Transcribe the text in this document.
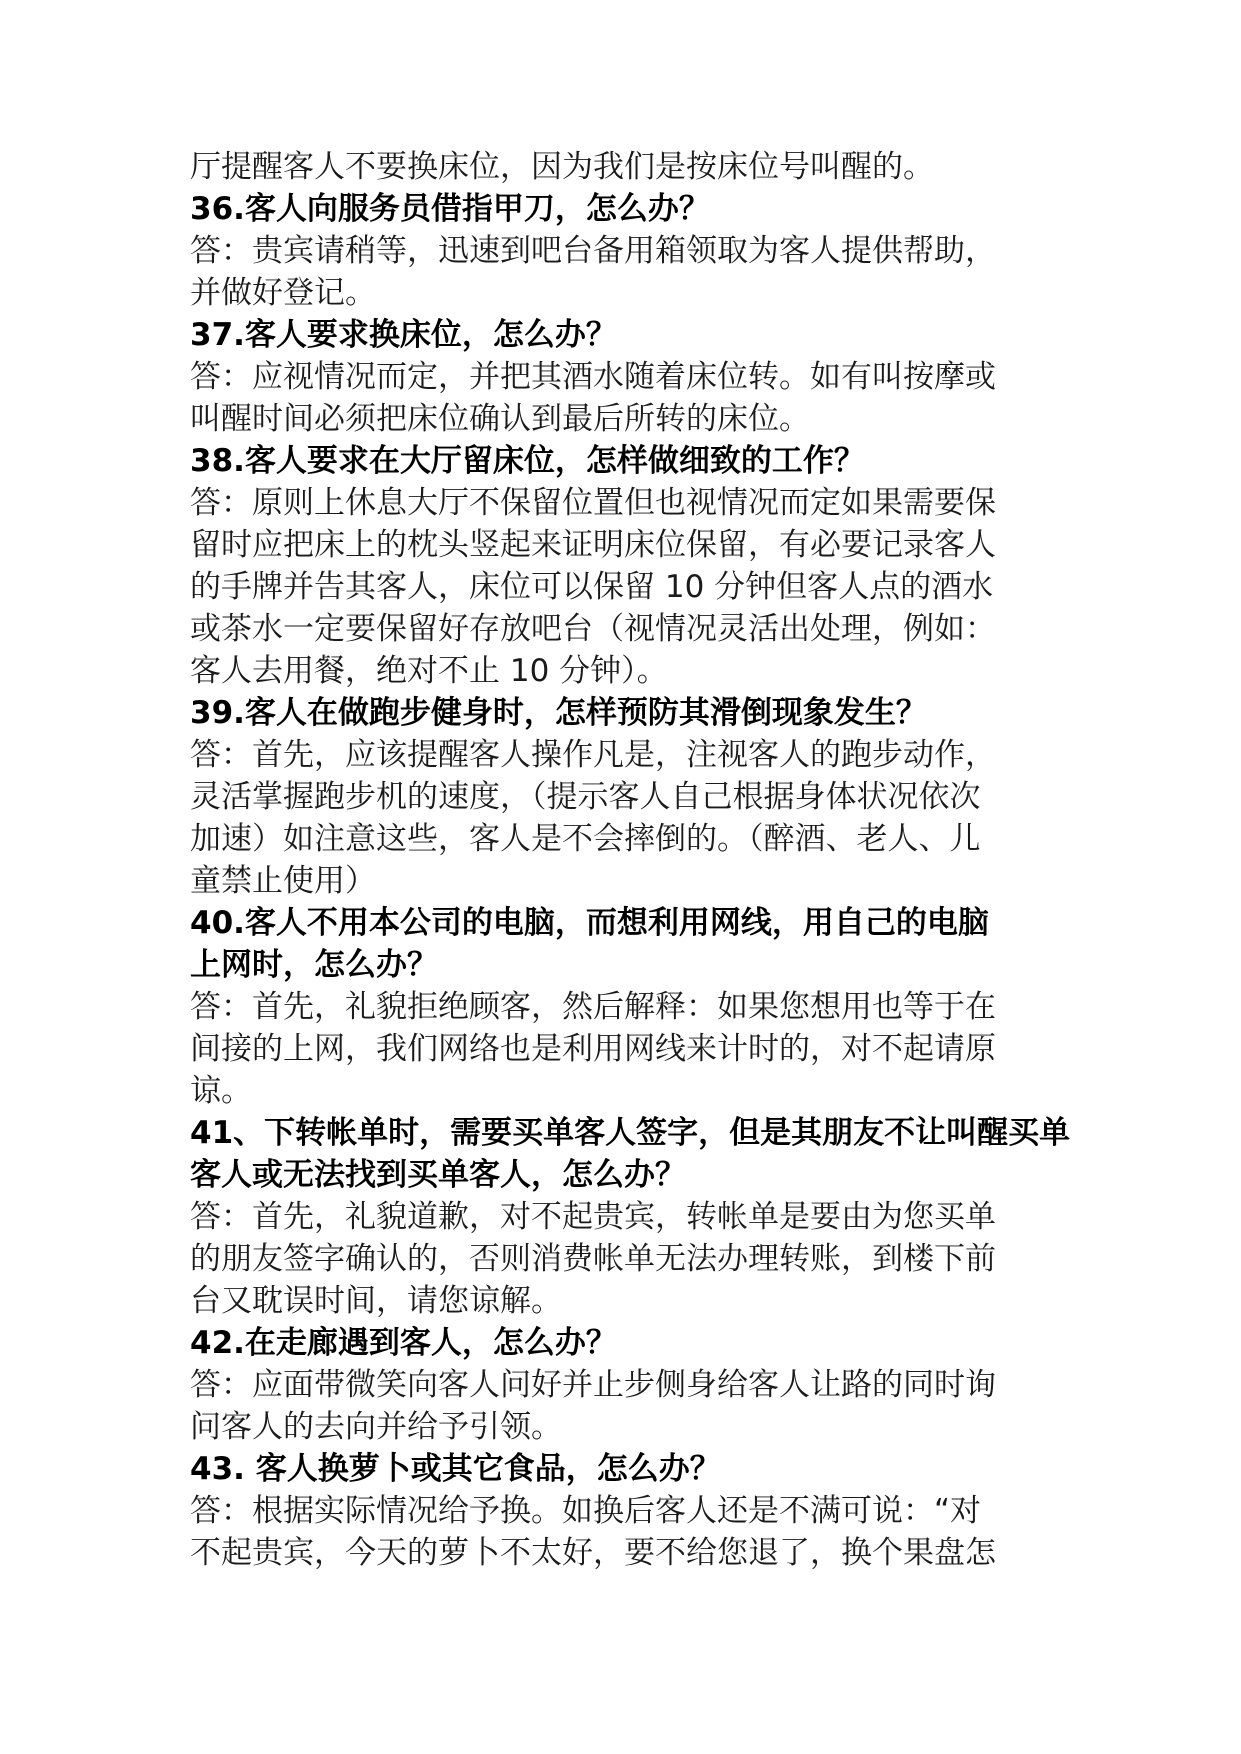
厅提醒客人不要换床位，因为我们是按床位号叫醒的。
36.客人向服务员借指甲刀，怎么办？
答：贵宾请稍等，迅速到吧台备用箱领取为客人提供帮助，
并做好登记。
37.客人要求换床位，怎么办？
答：应视情况而定，并把其酒水随着床位转。如有叫按摩或
叫醒时间必须把床位确认到最后所转的床位。
38.客人要求在大厅留床位，怎样做细致的工作？
答：原则上休息大厅不保留位置但也视情况而定如果需要保
留时应把床上的枕头竖起来证明床位保留，有必要记录客人
的手牌并告其客人，床位可以保留 10 分钟但客人点的酒水
或茶水一定要保留好存放吧台（视情况灵活出处理，例如：
客人去用餐，绝对不止 10 分钟）。
39.客人在做跑步健身时，怎样预防其滑倒现象发生？
答：首先，应该提醒客人操作凡是，注视客人的跑步动作，
灵活掌握跑步机的速度，（提示客人自己根据身体状况依次
加速）如注意这些，客人是不会摔倒的。（醉酒、老人、儿
童禁止使用）
40.客人不用本公司的电脑，而想利用网线，用自己的电脑
上网时，怎么办？
答：首先，礼貌拒绝顾客，然后解释：如果您想用也等于在
间接的上网，我们网络也是利用网线来计时的，对不起请原
谅。
41、下转帐单时，需要买单客人签字，但是其朋友不让叫醒买单
客人或无法找到买单客人，怎么办？
答：首先，礼貌道歉，对不起贵宾，转帐单是要由为您买单
的朋友签字确认的，否则消费帐单无法办理转账，到楼下前
台又耽误时间，请您谅解。
42.在走廊遇到客人，怎么办？
答：应面带微笑向客人问好并止步侧身给客人让路的同时询
问客人的去向并给予引领。
43. 客人换萝卜或其它食品，怎么办？
答：根据实际情况给予换。如换后客人还是不满可说：“对
不起贵宾，今天的萝卜不太好，要不给您退了，换个果盘怎
